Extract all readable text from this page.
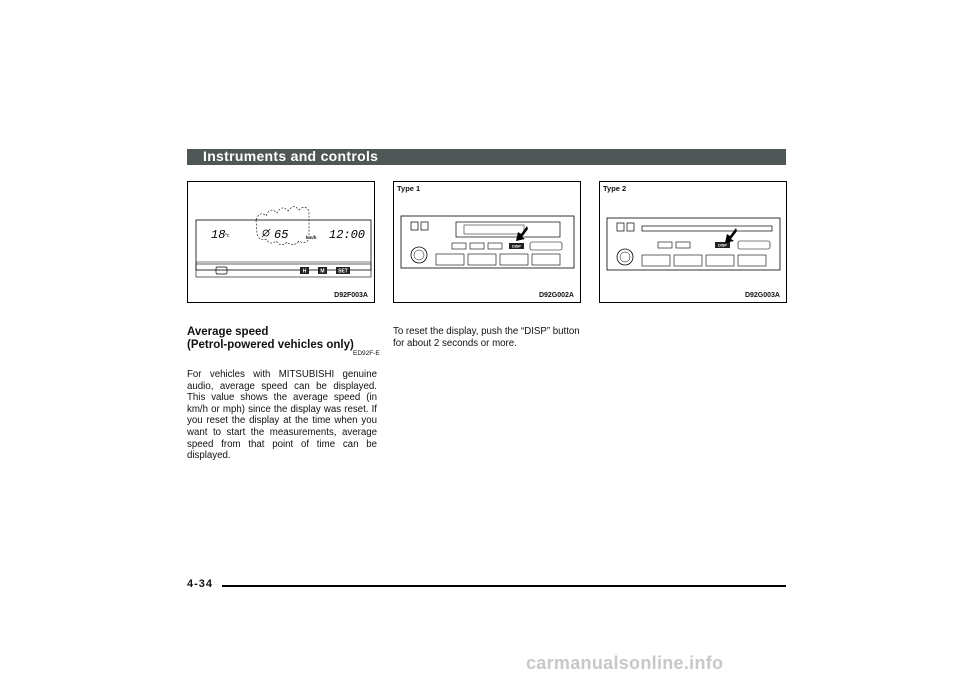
Instruments and controls
18 °c	65	km/h 12:00
H	M	SET
D92F003A
Type 1
DISP
D92G002A
Type 2
DISP
D92G003A
Average speed
(Petrol-powered vehicles only)
ED92F-E
For vehicles with MITSUBISHI genuine audio, average speed can be displayed. This value shows the average speed (in km/h or mph) since the display was reset. If you reset the display at the time when you want to start the measurements, average speed from that point of time can be displayed.
To reset the display, push the “DISP” button for about 2 seconds or more.
4-34
carmanualsonline.info
